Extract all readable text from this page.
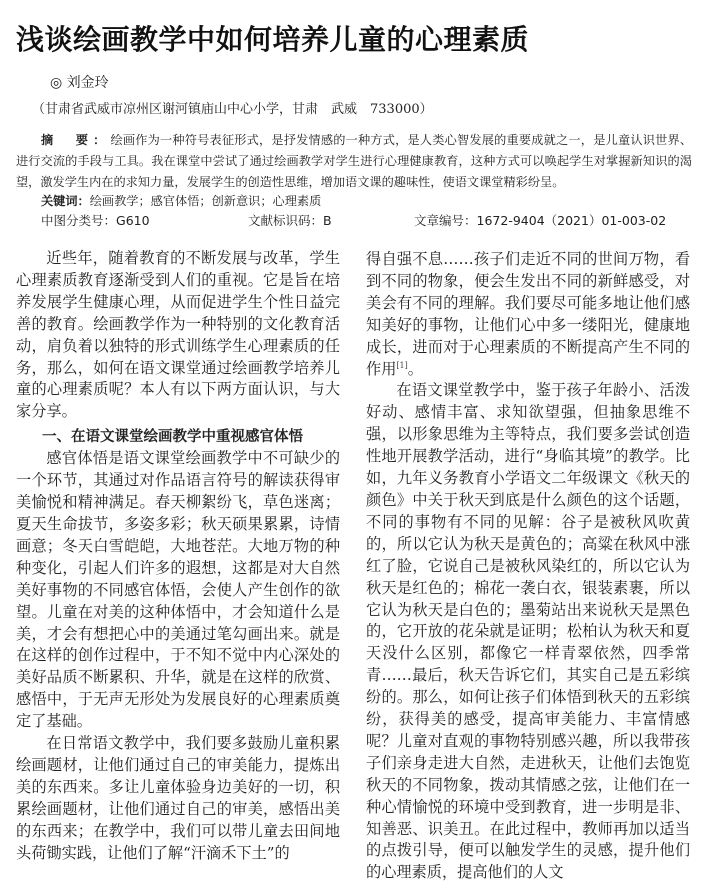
浅谈绘画教学中如何培养儿童的心理素质
◎ 刘金玲
（甘肃省武威市凉州区谢河镇庙山中心小学，甘肃　武威　733000）
摘　要：绘画作为一种符号表征形式，是抒发情感的一种方式，是人类心智发展的重要成就之一，是儿童认识世界、进行交流的手段与工具。我在课堂中尝试了通过绘画教学对学生进行心理健康教育，这种方式可以唤起学生对掌握新知识的渴望，激发学生内在的求知力量，发展学生的创造性思维，增加语文课的趣味性，使语文课堂精彩纷呈。
关键词：绘画教学；感官体悟；创新意识；心理素质
中图分类号：G610	文献标识码：B	文章编号：1672-9404（2021）01-003-02

近些年，随着教育的不断发展与改革，学生心理素质教育逐渐受到人们的重视。它是旨在培养发展学生健康心理，从而促进学生个性日益完善的教育。绘画教学作为一种特别的文化教育活动，肩负着以独特的形式训练学生心理素质的任务，那么，如何在语文课堂通过绘画教学培养儿童的心理素质呢？本人有以下两方面认识，与大家分享。

一、在语文课堂绘画教学中重视感官体悟

感官体悟是语文课堂绘画教学中不可缺少的一个环节，其通过对作品语言符号的解读获得审美愉悦和精神满足。春天柳絮纷飞，草色迷离；夏天生命拔节，多姿多彩；秋天硕果累累，诗情画意；冬天白雪皑皑，大地苍茫。大地万物的种种变化，引起人们许多的遐想，这都是对大自然美好事物的不同感官体悟，会使人产生创作的欲望。儿童在对美的这种体悟中，才会知道什么是美，才会有想把心中的美通过笔勾画出来。就是在这样的创作过程中，于不知不觉中内心深处的美好品质不断累积、升华，就是在这样的欣赏、感悟中，于无声无形处为发展良好的心理素质奠定了基础。

在日常语文教学中，我们要多鼓励儿童积累绘画题材，让他们通过自己的审美能力，提炼出美的东西来。多让儿童体验身边美好的一切，积累绘画题材，让他们通过自己的审美，感悟出美的东西来；在教学中，我们可以带儿童去田间地头荷锄实践，让他们了解“汗滴禾下土”的

得自强不息……孩子们走近不同的世间万物，看到不同的物象，便会生发出不同的新鲜感受，对美会有不同的理解。我们要尽可能多地让他们感知美好的事物，让他们心中多一缕阳光，健康地成长，进而对于心理素质的不断提高产生不同的作用[1]。

在语文课堂教学中，鉴于孩子年龄小、活泼好动、感情丰富、求知欲望强，但抽象思维不强，以形象思维为主等特点，我们要多尝试创造性地开展教学活动，进行“身临其境”的教学。比如，九年义务教育小学语文二年级课文《秋天的颜色》中关于秋天到底是什么颜色的这个话题，不同的事物有不同的见解：谷子是被秋风吹黄的，所以它认为秋天是黄色的；高粱在秋风中涨红了脸，它说自己是被秋风染红的，所以它认为秋天是红色的；棉花一袭白衣，银装素裹，所以它认为秋天是白色的；墨菊站出来说秋天是黑色的，它开放的花朵就是证明；松柏认为秋天和夏天没什么区别，都像它一样青翠依然，四季常青……最后，秋天告诉它们，其实自己是五彩缤纷的。那么，如何让孩子们体悟到秋天的五彩缤纷，获得美的感受，提高审美能力、丰富情感呢？儿童对直观的事物特别感兴趣，所以我带孩子们亲身走进大自然，走进秋天，让他们去饱览秋天的不同物象，拨动其情感之弦，让他们在一种心情愉悦的环境中受到教育，进一步明是非、知善恶、识美丑。在此过程中，教师再加以适当的点拨引导，便可以触发学生的灵感，提升他们的心理素质，提高他们的人文
